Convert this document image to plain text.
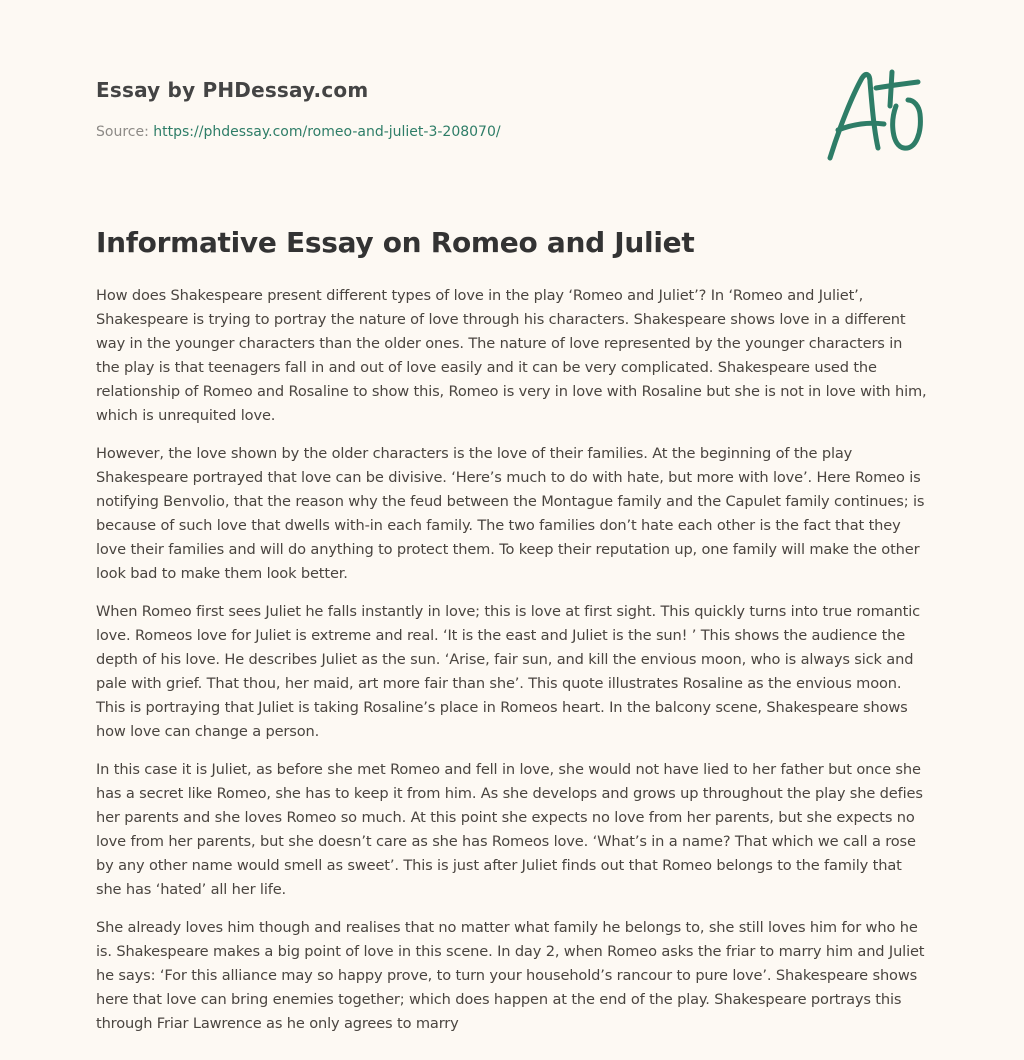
Essay by PHDessay.com
Source: https://phdessay.com/romeo-and-juliet-3-208070/
Informative Essay on Romeo and Juliet

How does Shakespeare present different types of love in the play ‘Romeo and Juliet’? In ‘Romeo and Juliet’, Shakespeare is trying to portray the nature of love through his characters. Shakespeare shows love in a different way in the younger characters than the older ones. The nature of love represented by the younger characters in the play is that teenagers fall in and out of love easily and it can be very complicated. Shakespeare used the relationship of Romeo and Rosaline to show this, Romeo is very in love with Rosaline but she is not in love with him, which is unrequited love.

However, the love shown by the older characters is the love of their families. At the beginning of the play Shakespeare portrayed that love can be divisive. ‘Here’s much to do with hate, but more with love’. Here Romeo is notifying Benvolio, that the reason why the feud between the Montague family and the Capulet family continues; is because of such love that dwells with-in each family. The two families don’t hate each other is the fact that they love their families and will do anything to protect them. To keep their reputation up, one family will make the other look bad to make them look better.

When Romeo first sees Juliet he falls instantly in love; this is love at first sight. This quickly turns into true romantic love. Romeos love for Juliet is extreme and real. ‘It is the east and Juliet is the sun! ’ This shows the audience the depth of his love. He describes Juliet as the sun. ‘Arise, fair sun, and kill the envious moon, who is always sick and pale with grief. That thou, her maid, art more fair than she’. This quote illustrates Rosaline as the envious moon. This is portraying that Juliet is taking Rosaline’s place in Romeos heart. In the balcony scene, Shakespeare shows how love can change a person.

In this case it is Juliet, as before she met Romeo and fell in love, she would not have lied to her father but once she has a secret like Romeo, she has to keep it from him. As she develops and grows up throughout the play she defies her parents and she loves Romeo so much. At this point she expects no love from her parents, but she expects no love from her parents, but she doesn’t care as she has Romeos love. ‘What’s in a name? That which we call a rose by any other name would smell as sweet’. This is just after Juliet finds out that Romeo belongs to the family that she has ‘hated’ all her life.

She already loves him though and realises that no matter what family he belongs to, she still loves him for who he is. Shakespeare makes a big point of love in this scene. In day 2, when Romeo asks the friar to marry him and Juliet he says: ‘For this alliance may so happy prove, to turn your household’s rancour to pure love’. Shakespeare shows here that love can bring enemies together; which does happen at the end of the play. Shakespeare portrays this through Friar Lawrence as he only agrees to marry
